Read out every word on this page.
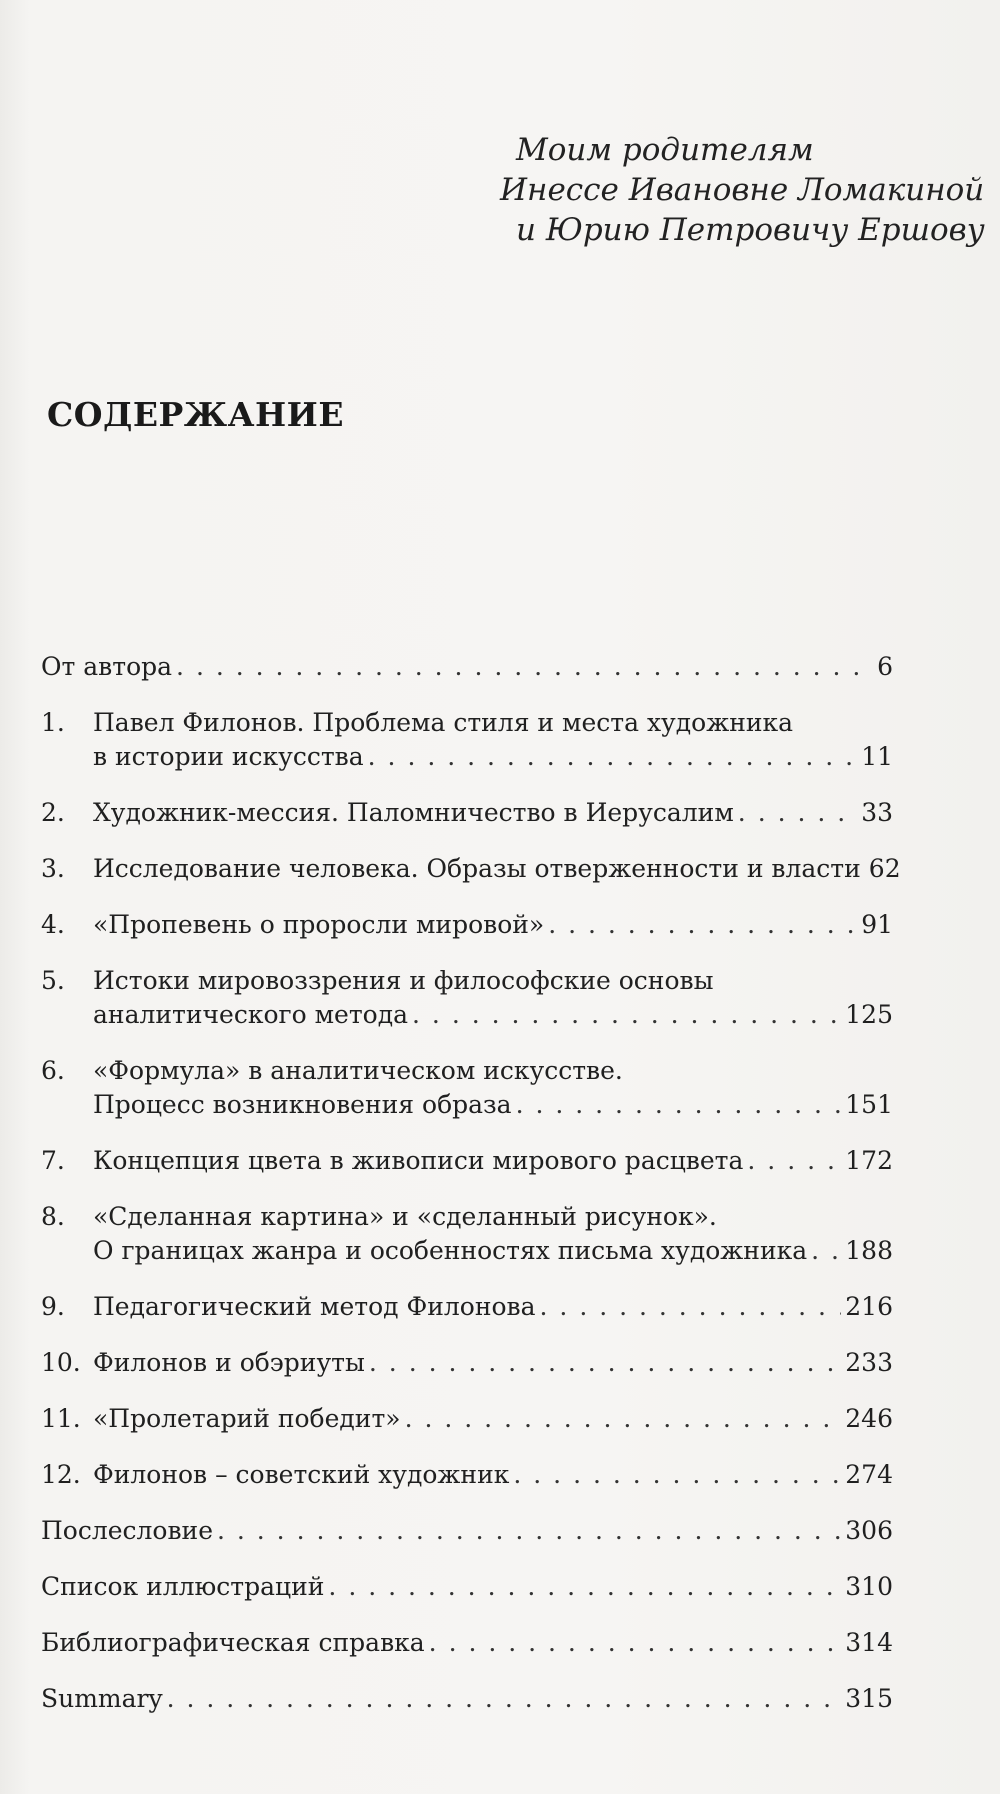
Моим родителям
Инессе Ивановне Ломакиной
и Юрию Петровичу Ершову
СОДЕРЖАНИЕ
От автора . . .	6
1.	Павел Филонов. Проблема стиля и места художника
в истории искусства . . .	11
2.	Художник-мессия. Паломничество в Иерусалим . . .	33
3.	Исследование человека. Образы отверженности и власти 62
4.	«Пропевень о проросли мировой» . . .	91
5.	Истоки мировоззрения и философские основы
аналитического метода . . .	125
6.	«Формула» в аналитическом искусстве.
Процесс возникновения образа . . .	151
7.	Концепция цвета в живописи мирового расцвета . . .	172
8.	«Сделанная картина» и «сделанный рисунок».
О границах жанра и особенностях письма художника . . . 188
9.	Педагогический метод Филонова . . .	216
10. Филонов и обэриуты . . .	233
11. «Пролетарий победит» . . .	246
12. Филонов – советский художник . . .	274
Послесловие . . .	306
Список иллюстраций . . .	310
Библиографическая справка . . .	314
Summary . . .	315
